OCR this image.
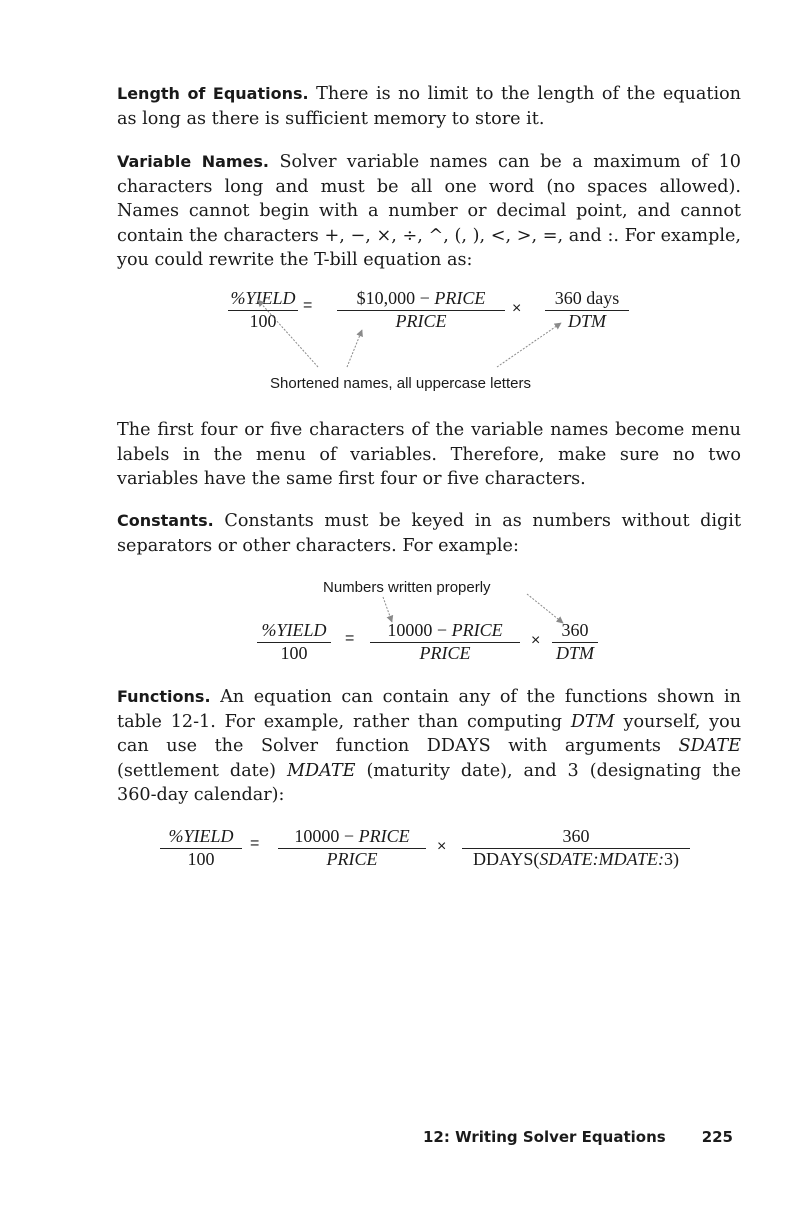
Length of Equations. There is no limit to the length of the equation as long as there is sufficient memory to store it.

Variable Names. Solver variable names can be a maximum of 10 characters long and must be all one word (no spaces allowed). Names cannot begin with a number or decimal point, and cannot contain the characters +, −, ×, ÷, ^, (, ), <, >, =, and :. For example, you could rewrite the T-bill equation as:

%YIELD
100
=	$10,000 − PRICE
PRICE
×
360 days
DTM
Shortened names, all uppercase letters

The first four or five characters of the variable names become menu labels in the menu of variables. Therefore, make sure no two variables have the same first four or five characters.

Constants. Constants must be keyed in as numbers without digit separators or other characters. For example:

Numbers written properly
%YIELD
100
=	10000 − PRICE
PRICE
×
360
DTM

Functions. An equation can contain any of the functions shown in table 12-1. For example, rather than computing DTM yourself, you can use the Solver function DDAYS with arguments SDATE (settlement date) MDATE (maturity date), and 3 (designating the 360-day calendar):

%YIELD
100
=	10000 − PRICE
PRICE
×
360
DDAYS(SDATE:MDATE:3)
12: Writing Solver Equations 225
